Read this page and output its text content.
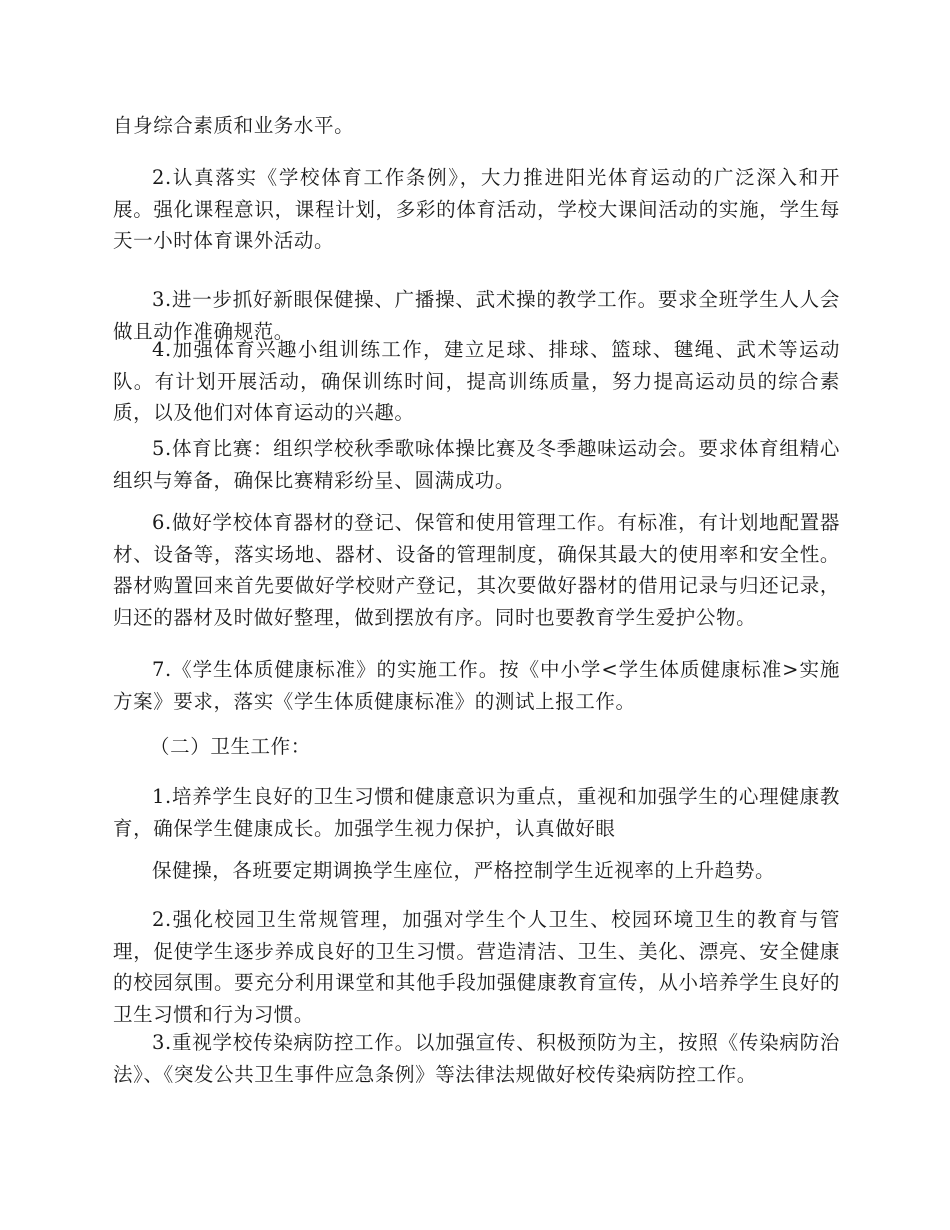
自身综合素质和业务水平。

2.认真落实《学校体育工作条例》，大力推进阳光体育运动的广泛深入和开展。强化课程意识，课程计划，多彩的体育活动，学校大课间活动的实施，学生每天一小时体育课外活动。

3.进一步抓好新眼保健操、广播操、武术操的教学工作。要求全班学生人人会做且动作准确规范。

4.加强体育兴趣小组训练工作，建立足球、排球、篮球、毽绳、武术等运动队。有计划开展活动，确保训练时间，提高训练质量，努力提高运动员的综合素质，以及他们对体育运动的兴趣。

5.体育比赛：组织学校秋季歌咏体操比赛及冬季趣味运动会。要求体育组精心组织与筹备，确保比赛精彩纷呈、圆满成功。

6.做好学校体育器材的登记、保管和使用管理工作。有标准，有计划地配置器材、设备等，落实场地、器材、设备的管理制度，确保其最大的使用率和安全性。器材购置回来首先要做好学校财产登记，其次要做好器材的借用记录与归还记录，归还的器材及时做好整理，做到摆放有序。同时也要教育学生爱护公物。

7.《学生体质健康标准》的实施工作。按《中小学<学生体质健康标准>实施方案》要求，落实《学生体质健康标准》的测试上报工作。

（二）卫生工作：

1.培养学生良好的卫生习惯和健康意识为重点，重视和加强学生的心理健康教育，确保学生健康成长。加强学生视力保护，认真做好眼

保健操，各班要定期调换学生座位，严格控制学生近视率的上升趋势。

2.强化校园卫生常规管理，加强对学生个人卫生、校园环境卫生的教育与管理，促使学生逐步养成良好的卫生习惯。营造清洁、卫生、美化、漂亮、安全健康的校园氛围。要充分利用课堂和其他手段加强健康教育宣传，从小培养学生良好的卫生习惯和行为习惯。

3.重视学校传染病防控工作。以加强宣传、积极预防为主，按照《传染病防治法》、《突发公共卫生事件应急条例》等法律法规做好校传染病防控工作。
